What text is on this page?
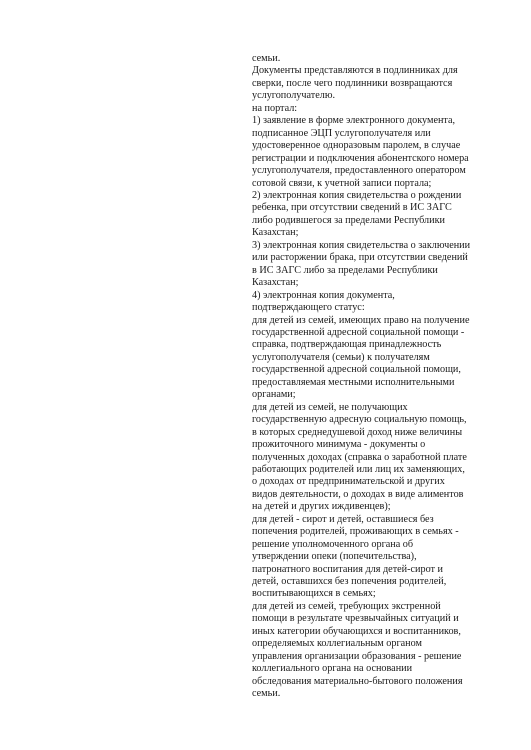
семьи.
Документы представляются в подлинниках для
сверки, после чего подлинники возвращаются
услугополучателю.
на портал:
1) заявление в форме электронного документа,
подписанное ЭЦП услугополучателя или
удостоверенное одноразовым паролем, в случае
регистрации и подключения абонентского номера
услугополучателя, предоставленного оператором
сотовой связи, к учетной записи портала;
2) электронная копия свидетельства о рождении
ребенка, при отсутствии сведений в ИС ЗАГС
либо родившегося за пределами Республики
Казахстан;
3) электронная копия свидетельства о заключении
или расторжении брака, при отсутствии сведений
в ИС ЗАГС либо за пределами Республики
Казахстан;
4) электронная копия документа,
подтверждающего статус:
для детей из семей, имеющих право на получение
государственной адресной социальной помощи -
справка, подтверждающая принадлежность
услугополучателя (семьи) к получателям
государственной адресной социальной помощи,
предоставляемая местными исполнительными
органами;
для детей из семей, не получающих
государственную адресную социальную помощь,
в которых среднедушевой доход ниже величины
прожиточного минимума - документы о
полученных доходах (справка о заработной плате
работающих родителей или лиц их заменяющих,
о доходах от предпринимательской и других
видов деятельности, о доходах в виде алиментов
на детей и других иждивенцев);
для детей - сирот и детей, оставшиеся без
попечения родителей, проживающих в семьях -
решение уполномоченного органа об
утверждении опеки (попечительства),
патронатного воспитания для детей-сирот и
детей, оставшихся без попечения родителей,
воспитывающихся в семьях;
для детей из семей, требующих экстренной
помощи в результате чрезвычайных ситуаций и
иных категории обучающихся и воспитанников,
определяемых коллегиальным органом
управления организации образования - решение
коллегиального органа на основании
обследования материально-бытового положения
семьи.
